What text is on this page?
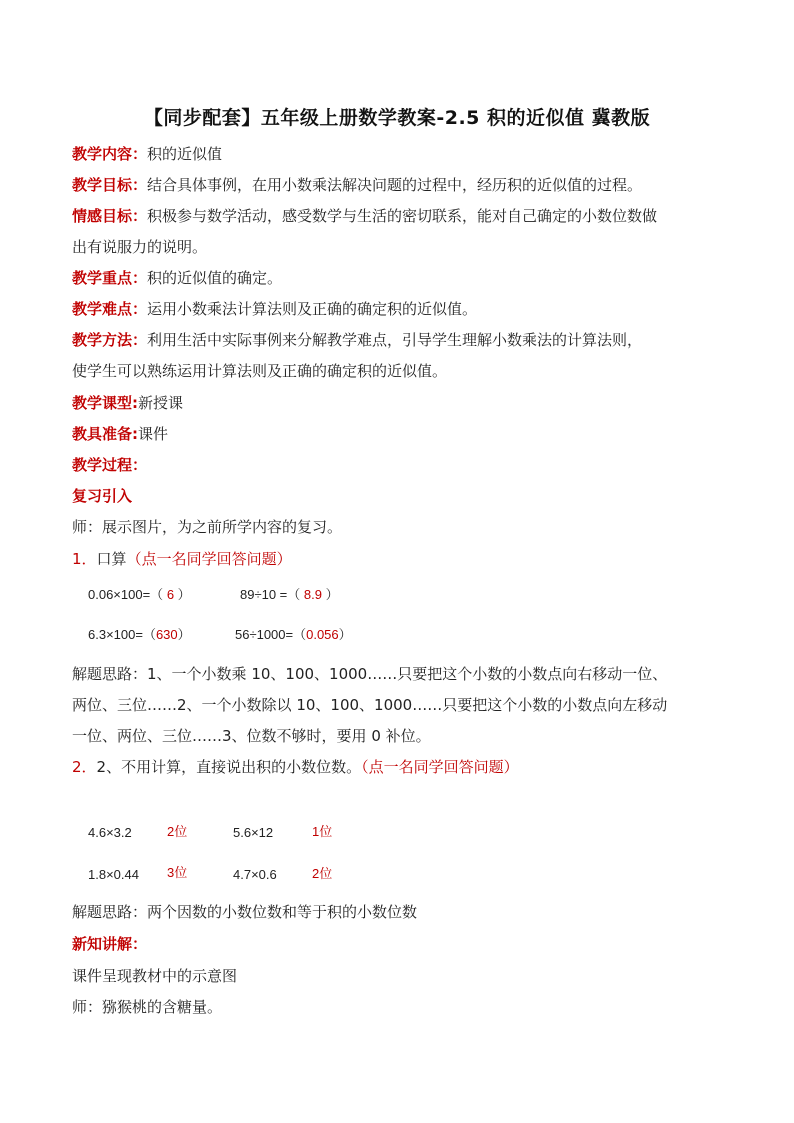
【同步配套】五年级上册数学教案-2.5 积的近似值 冀教版
教学内容：积的近似值
教学目标：结合具体事例，在用小数乘法解决问题的过程中，经历积的近似值的过程。
情感目标：积极参与数学活动，感受数学与生活的密切联系，能对自己确定的小数位数做
出有说服力的说明。
教学重点：积的近似值的确定。
教学难点：运用小数乘法计算法则及正确的确定积的近似值。
教学方法：利用生活中实际事例来分解教学难点，引导学生理解小数乘法的计算法则，
使学生可以熟练运用计算法则及正确的确定积的近似值。
教学课型:新授课
教具准备:课件
教学过程：
复习引入
师：展示图片，为之前所学内容的复习。
1．口算（点一名同学回答问题）
0.06×100=（ 6 ）	89÷10 =（ 8.9 ）
6.3×100=（630）	56÷1000=（0.056）
解题思路：1、一个小数乘 10、100、1000……只要把这个小数的小数点向右移动一位、
两位、三位……2、一个小数除以 10、100、1000……只要把这个小数的小数点向左移动
一位、两位、三位……3、位数不够时，要用 0 补位。
2．2、不用计算，直接说出积的小数位数。（点一名同学回答问题）
4.6×3.2	2位	5.6×12	1位
1.8×0.44 3位	4.7×0.6	2位
解题思路：两个因数的小数位数和等于积的小数位数
新知讲解：
课件呈现教材中的示意图
师：猕猴桃的含糖量。
